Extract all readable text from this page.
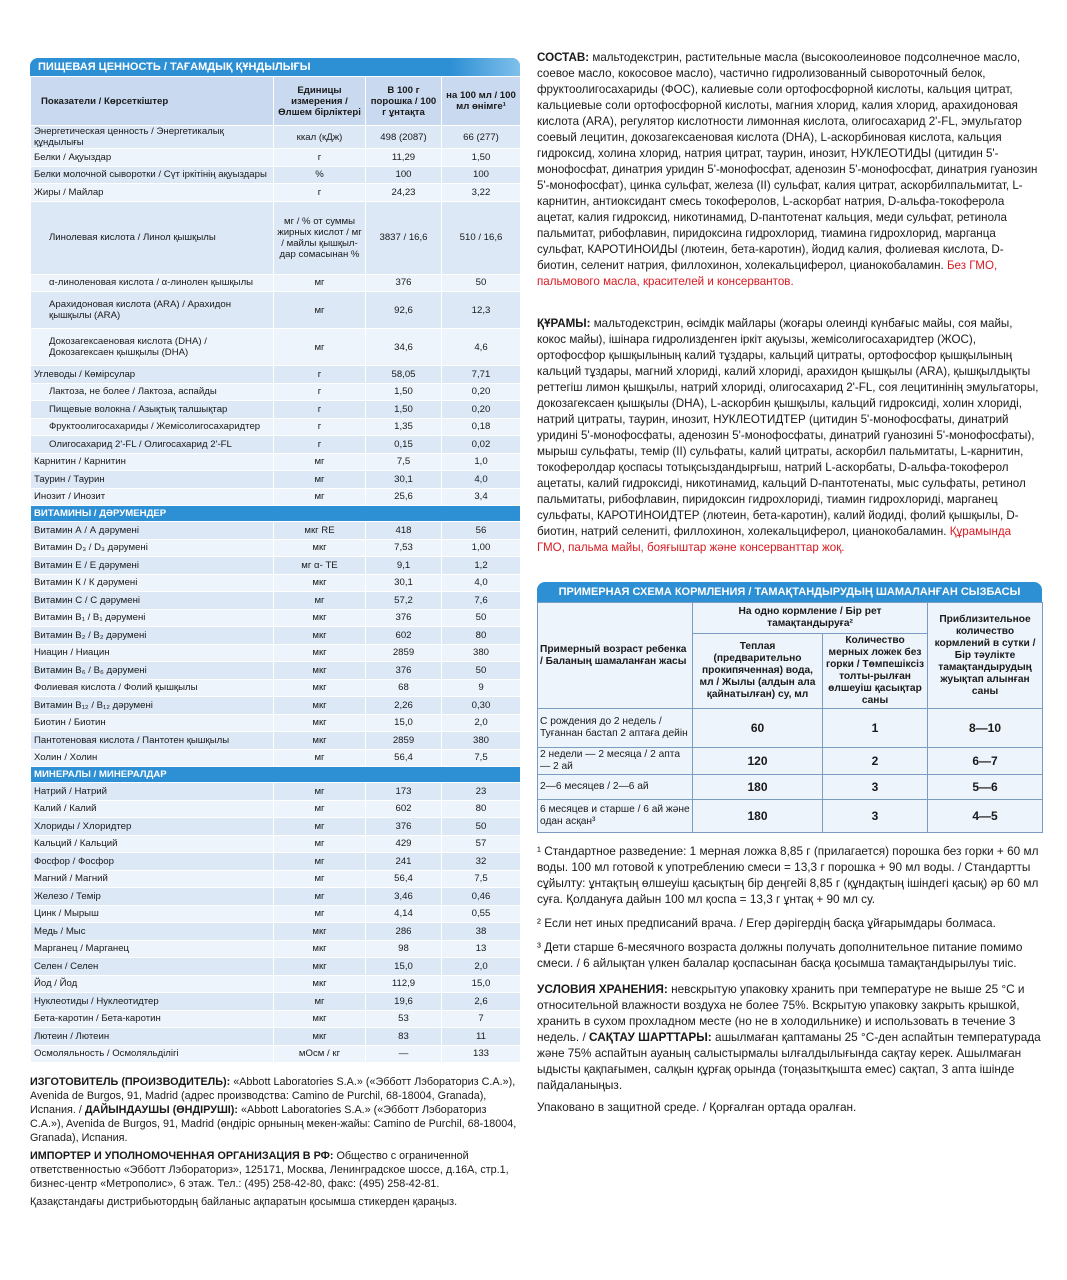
ПИЩЕВАЯ ЦЕННОСТЬ / ТАҒАМДЫҚ ҚҰНДЫЛЫҒЫ
Показатели / Көрсеткіштер	Единицы измерения / Өлшем бірліктері	В 100 г порошка / 100 г ұнтақта	на 100 мл / 100 мл өнімге¹
Энергетическая ценность / Энергетикалық құндылығы	ккал (кДж)	498 (2087)	66 (277)
Белки / Ақуыздар	г	11,29	1,50
Белки молочной сыворотки / Сүт іркітінің ақуыздары	%	100	100
Жиры / Майлар	г	24,23	3,22
Линолевая кислота / Линол қышқылы	мг / % от суммы жирных кислот / мг / майлы қышқыл-дар сомасынан %	3837 / 16,6	510 / 16,6
α-линоленовая кислота / α-линолен қышқылы	мг	376	50
Арахидоновая кислота (ARA) / Арахидон қышқылы (ARA)	мг	92,6	12,3
Докозагексаеновая кислота (DHA) / Докозагексаен қышқылы (DHA)	мг	34,6	4,6
Углеводы / Көмірсулар	г	58,05	7,71
Лактоза, не более / Лактоза, аспайды	г	1,50	0,20
Пищевые волокна / Азықтық талшықтар	г	1,50	0,20
Фруктоолигосахариды / Жемісолигосахаридтер	г	1,35	0,18
Олигосахарид 2'-FL / Олигосахарид 2'-FL	г	0,15	0,02
Карнитин / Карнитин	мг	7,5	1,0
Таурин / Таурин	мг	30,1	4,0
Инозит / Инозит	мг	25,6	3,4
ВИТАМИНЫ / ДӘРУМЕНДЕР			
Витамин А / А дәрумені	мкг RE	418	56
Витамин D₃ / D₃ дәрумені	мкг	7,53	1,00
Витамин Е / Е дәрумені	мг α- TE	9,1	1,2
Витамин К / К дәрумені	мкг	30,1	4,0
Витамин С / С дәрумені	мг	57,2	7,6
Витамин В₁ / В₁ дәрумені	мкг	376	50
Витамин В₂ / В₂ дәрумені	мкг	602	80
Ниацин / Ниацин	мкг	2859	380
Витамин В₆ / В₆ дәрумені	мкг	376	50
Фолиевая кислота / Фолий қышқылы	мкг	68	9
Витамин В₁₂ / В₁₂ дәрумені	мкг	2,26	0,30
Биотин / Биотин	мкг	15,0	2,0
Пантотеновая кислота / Пантотен қышқылы	мкг	2859	380
Холин / Холин	мг	56,4	7,5
МИНЕРАЛЫ / МИНЕРАЛДАР			
Натрий / Натрий	мг	173	23
Калий / Калий	мг	602	80
Хлориды / Хлоридтер	мг	376	50
Кальций / Кальций	мг	429	57
Фосфор / Фосфор	мг	241	32
Магний / Магний	мг	56,4	7,5
Железо / Темір	мг	3,46	0,46
Цинк / Мырыш	мг	4,14	0,55
Медь / Мыс	мкг	286	38
Марганец / Марганец	мкг	98	13
Селен / Селен	мкг	15,0	2,0
Йод / Йод	мкг	112,9	15,0
Нуклеотиды / Нуклеотидтер	мг	19,6	2,6
Бета-каротин / Бета-каротин	мкг	53	7
Лютеин / Лютеин	мкг	83	11
Осмоляльность / Осмоляльділігі	мОсм / кг	—	133

ИЗГОТОВИТЕЛЬ (ПРОИЗВОДИТЕЛЬ): «Abbott Laboratories S.A.» («Эбботт Лэбораториз С.А.»), Avenida de Burgos, 91, Madrid (адрес производства: Camino de Purchil, 68-18004, Granada), Испания. / ДАЙЫНДАУШЫ (ӨНДІРУШІ): «Abbott Laboratories S.A.» («Эбботт Лэбораториз С.А.»), Avenida de Burgos, 91, Madrid (өндіріс орнының мекен-жайы: Camino de Purchil, 68-18004, Granada), Испания.

ИМПОРТЕР И УПОЛНОМОЧЕННАЯ ОРГАНИЗАЦИЯ В РФ: Общество с ограниченной ответственностью «Эбботт Лэбораториз», 125171, Москва, Ленинградское шоссе, д.16А, стр.1, бизнес-центр «Метрополис», 6 этаж. Тел.: (495) 258-42-80, факс: (495) 258-42-81.

Қазақстандағы дистрибьютордың байланыс ақпаратын қосымша стикерден қараңыз.

СОСТАВ: мальтодекстрин, растительные масла (высокоолеиновое подсолнечное масло, соевое масло, кокосовое масло), частично гидролизованный сывороточный белок, фруктоолигосахариды (ФОС), калиевые соли ортофосфорной кислоты, кальция цитрат, кальциевые соли ортофосфорной кислоты, магния хлорид, калия хлорид, арахидоновая кислота (ARA), регулятор кислотности лимонная кислота, олигосахарид 2'-FL, эмульгатор соевый лецитин, докозагексаеновая кислота (DHA), L-аскорбиновая кислота, кальция гидроксид, холина хлорид, натрия цитрат, таурин, инозит, НУКЛЕОТИДЫ (цитидин 5'-монофосфат, динатрия уридин 5'-монофосфат, аденозин 5'-монофосфат, динатрия гуанозин 5'-монофосфат), цинка сульфат, железа (II) сульфат, калия цитрат, аскорбилпальмитат, L-карнитин, антиоксидант смесь токоферолов, L-аскорбат натрия, D-альфа-токоферола ацетат, калия гидроксид, никотинамид, D-пантотенат кальция, меди сульфат, ретинола пальмитат, рибофлавин, пиридоксина гидрохлорид, тиамина гидрохлорид, марганца сульфат, КАРОТИНОИДЫ (лютеин, бета-каротин), йодид калия, фолиевая кислота, D-биотин, селенит натрия, филлохинон, холекальциферол, цианокобаламин. Без ГМО, пальмового масла, красителей и консервантов.

ҚҰРАМЫ: мальтодекстрин, өсімдік майлары (жоғары олеинді күнбағыс майы, соя майы, кокос майы), ішінара гидролизденген іркіт ақуызы, жемісолигосахаридтер (ЖОС), ортофосфор қышқылының калий тұздары, кальций цитраты, ортофосфор қышқылының кальций тұздары, магний хлориді, калий хлориді, арахидон қышқылы (ARA), қышқылдықты реттегіш лимон қышқылы, натрий хлориді, олигосахарид 2'-FL, соя лецитинінің эмульгаторы, докозагексаен қышқылы (DHA), L-аскорбин қышқылы, кальций гидроксиді, холин хлориді, натрий цитраты, таурин, инозит, НУКЛЕОТИДТЕР (цитидин 5'-монофосфаты, динатрий уридині 5'-монофосфаты, аденозин 5'-монофосфаты, динатрий гуанозині 5'-монофосфаты), мырыш сульфаты, темір (II) сульфаты, калий цитраты, аскорбил пальмитаты, L-карнитин, токоферолдар қоспасы тотықсыздандырғыш, натрий L-аскорбаты, D-альфа-токоферол ацетаты, калий гидроксиді, никотинамид, кальций D-пантотенаты, мыс сульфаты, ретинол пальмитаты, рибофлавин, пиридоксин гидрохлориді, тиамин гидрохлориді, марганец сульфаты, КАРОТИНОИДТЕР (лютеин, бета-каротин), калий йодиді, фолий қышқылы, D-биотин, натрий селениті, филлохинон, холекальциферол, цианокобаламин. Құрамында ГМО, пальма майы, бояғыштар және консерванттар жоқ.

ПРИМЕРНАЯ СХЕМА КОРМЛЕНИЯ / ТАМАҚТАНДЫРУДЫҢ ШАМАЛАНҒАН СЫЗБАСЫ
Примерный возраст ребенка / Баланың шамаланған жасы	На одно кормление / Бір рет тамақтандыруға²		Приблизительное количество кормлений в сутки / Бір тәулікте тамақтандырудың жуықтап алынған саны
	Теплая (предварительно прокипяченная) вода, мл / Жылы (алдын ала қайнатылған) су, мл	Количество мерных ложек без горки / Төмпешіксіз толты-рылған өлшеуіш қасықтар саны	
С рождения до 2 недель / Туғаннан бастап 2 аптаға дейін	60	1	8—10
2 недели — 2 месяца / 2 апта — 2 ай	120	2	6—7
2—6 месяцев / 2—6 ай	180	3	5—6
6 месяцев и старше / 6 ай және одан асқан³	180	3	4—5

¹ Стандартное разведение: 1 мерная ложка 8,85 г (прилагается) порошка без горки + 60 мл воды. 100 мл готовой к употреблению смеси = 13,3 г порошка + 90 мл воды. / Стандартты сұйылту: ұнтақтың өлшеуіш қасықтың бір деңгейі 8,85 г (құндақтың ішіндегі қасық) əр 60 мл суға. Қолдануға дайын 100 мл қоспа = 13,3 г ұнтақ + 90 мл су.

² Если нет иных предписаний врача. / Егер дәрігердің басқа ұйғарымдары болмаса.

³ Дети старше 6-месячного возраста должны получать дополнительное питание помимо смеси. / 6 айлықтан үлкен балалар қоспасынан басқа қосымша тамақтандырылуы тиіс.

УСЛОВИЯ ХРАНЕНИЯ: невскрытую упаковку хранить при температуре не выше 25 °C и относительной влажности воздуха не более 75%. Вскрытую упаковку закрыть крышкой, хранить в сухом прохладном месте (но не в холодильнике) и использовать в течение 3 недель. / САҚТАУ ШАРТТАРЫ: ашылмаған қаптаманы 25 °C-ден аспайтын температурада және 75% аспайтын ауаның салыстырмалы ылғалдылығында сақтау керек. Ашылмаған ыдысты қақпағымен, салқын құрғақ орында (тоңазытқышта емес) сақтап, 3 апта ішінде пайдаланыңыз.

Упаковано в защитной среде. / Қорғалған ортада оралған.
